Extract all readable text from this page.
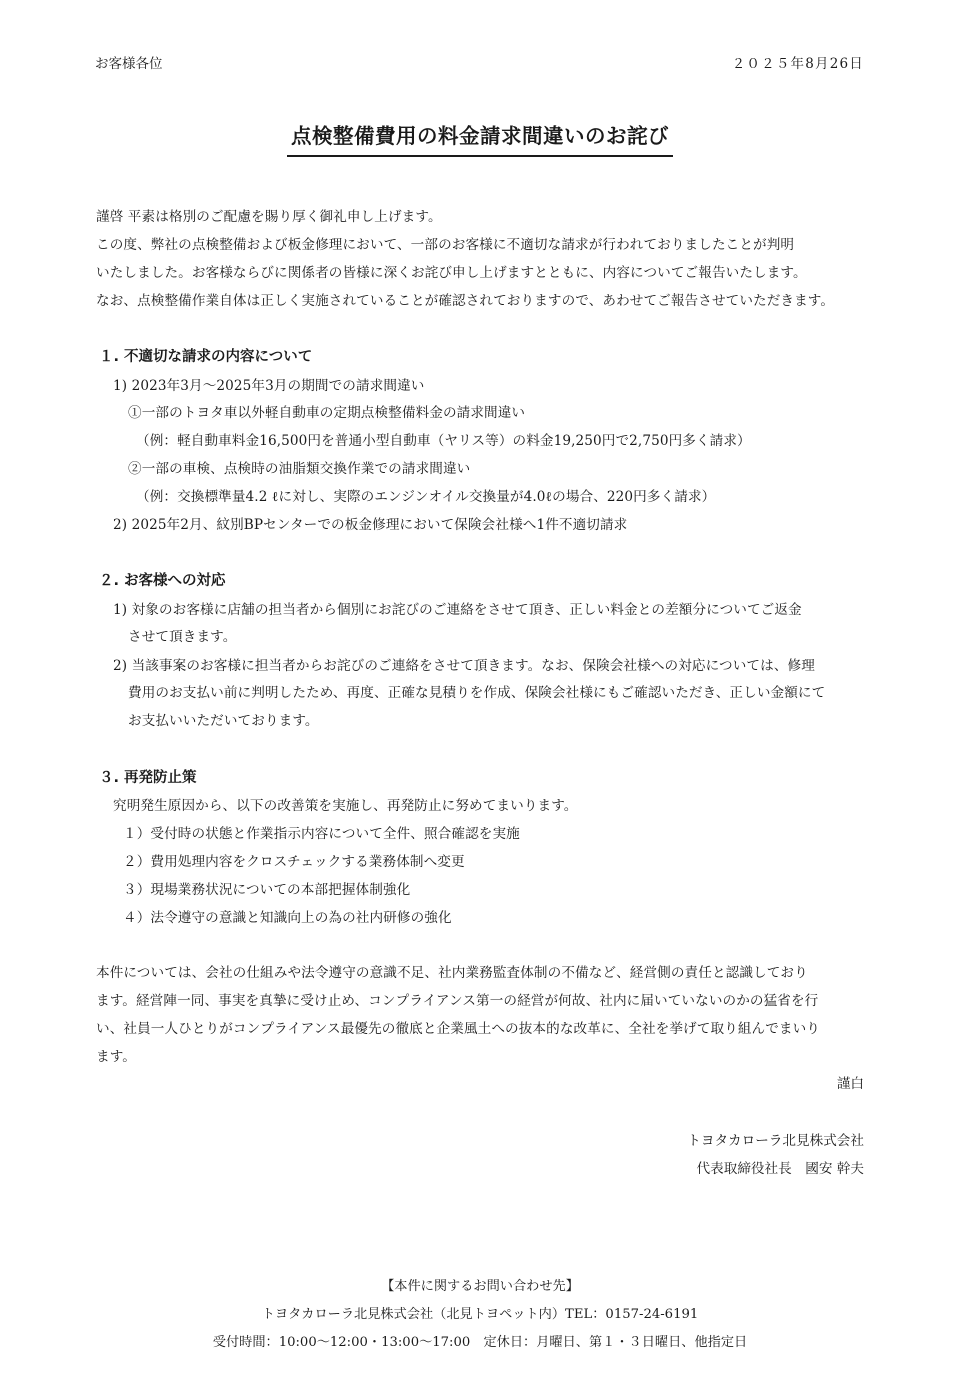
お客様各位	２０２５年8月26日
点検整備費用の料金請求間違いのお詫び
謹啓 平素は格別のご配慮を賜り厚く御礼申し上げます。
この度、弊社の点検整備および板金修理において、一部のお客様に不適切な請求が行われておりましたことが判明
いたしました。お客様ならびに関係者の皆様に深くお詫び申し上げますとともに、内容についてご報告いたします。
なお、点検整備作業自体は正しく実施されていることが確認されておりますので、あわせてご報告させていただきます。
１. 不適切な請求の内容について
1) 2023年3月～2025年3月の期間での請求間違い
①一部のトヨタ車以外軽自動車の定期点検整備料金の請求間違い
（例：軽自動車料金16,500円を普通小型自動車（ヤリス等）の料金19,250円で2,750円多く請求）
②一部の車検、点検時の油脂類交換作業での請求間違い
（例：交換標準量4.2 ℓに対し、実際のエンジンオイル交換量が4.0ℓの場合、220円多く請求）
2) 2025年2月、紋別BPセンターでの板金修理において保険会社様へ1件不適切請求
２. お客様への対応
1) 対象のお客様に店舗の担当者から個別にお詫びのご連絡をさせて頂き、正しい料金との差額分についてご返金
させて頂きます。
2) 当該事案のお客様に担当者からお詫びのご連絡をさせて頂きます。なお、保険会社様への対応については、修理
費用のお支払い前に判明したため、再度、正確な見積りを作成、保険会社様にもご確認いただき、正しい金額にて
お支払いいただいております。
３. 再発防止策
究明発生原因から、以下の改善策を実施し、再発防止に努めてまいります。
１）受付時の状態と作業指示内容について全件、照合確認を実施
２）費用処理内容をクロスチェックする業務体制へ変更
３）現場業務状況についての本部把握体制強化
４）法令遵守の意識と知識向上の為の社内研修の強化
本件については、会社の仕組みや法令遵守の意識不足、社内業務監査体制の不備など、経営側の責任と認識しており
ます。経営陣一同、事実を真摯に受け止め、コンプライアンス第一の経営が何故、社内に届いていないのかの猛省を行
い、社員一人ひとりがコンプライアンス最優先の徹底と企業風土への抜本的な改革に、全社を挙げて取り組んでまいり
ます。
謹白
トヨタカローラ北見株式会社
代表取締役社長　國安 幹夫
【本件に関するお問い合わせ先】
トヨタカローラ北見株式会社（北見トヨペット内）TEL：0157-24-6191
受付時間：10:00～12:00・13:00～17:00　定休日：月曜日、第１・３日曜日、他指定日
